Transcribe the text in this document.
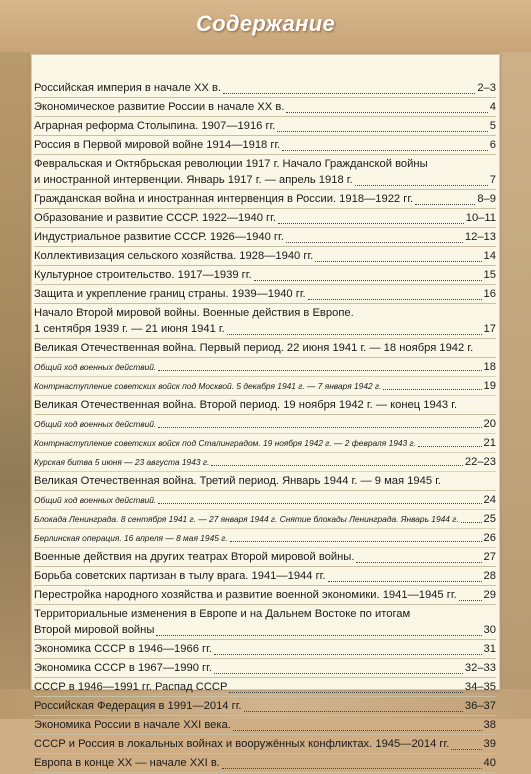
Содержание
Российская империя в начале XX в.	2–3
Экономическое развитие России в начале XX в.	4
Аграрная реформа Столыпина. 1907—1916 гг.	5
Россия в Первой мировой войне 1914—1918 гг.	6
Февральская и Октябрьская революции 1917 г. Начало Гражданской войны
и иностранной интервенции. Январь 1917 г. — апрель 1918 г.	7
Гражданская война и иностранная интервенция в России. 1918—1922 гг.	8–9
Образование и развитие СССР. 1922—1940 гг.	10–11
Индустриальное развитие СССР. 1926—1940 гг.	12–13
Коллективизация сельского хозяйства. 1928—1940 гг.	14
Культурное строительство. 1917—1939 гг.	15
Защита и укрепление границ страны. 1939—1940 гг.	16
Начало Второй мировой войны. Военные действия в Европе.
1 сентября 1939 г. — 21 июня 1941 г.	17
Великая Отечественная война. Первый период. 22 июня 1941 г. — 18 ноября 1942 г.
Общий ход военных действий.	18
Контрнаступление советских войск под Москвой. 5 декабря 1941 г. — 7 января 1942 г.	19
Великая Отечественная война. Второй период. 19 ноября 1942 г. — конец 1943 г.
Общий ход военных действий.	20
Контрнаступление советских войск под Сталинградом. 19 ноября 1942 г. — 2 февраля 1943 г.	21
Курская битва 5 июня — 23 августа 1943 г.	22–23
Великая Отечественная война. Третий период. Январь 1944 г. — 9 мая 1945 г.
Общий ход военных действий.	24
Блокада Ленинграда. 8 сентября 1941 г. — 27 января 1944 г. Снятие блокады Ленинграда. Январь 1944 г. 25
Берлинская операция. 16 апреля — 8 мая 1945 г.	26
Военные действия на других театрах Второй мировой войны.	27
Борьба советских партизан в тылу врага. 1941—1944 гг.	28
Перестройка народного хозяйства и развитие военной экономики. 1941—1945 гг. 29
Территориальные изменения в Европе и на Дальнем Востоке по итогам
Второй мировой войны	30
Экономика СССР в 1946—1966 гг.	31
Экономика СССР в 1967—1990 гг.	32–33
СССР в 1946—1991 гг. Распад СССР	34–35
Российская Федерация в 1991—2014 гг.	36–37
Экономика России в начале XXI века.	38
СССР и Россия в локальных войнах и вооружённых конфликтах. 1945—2014 гг.	39
Европа в конце XX — начале XXI в.	40
